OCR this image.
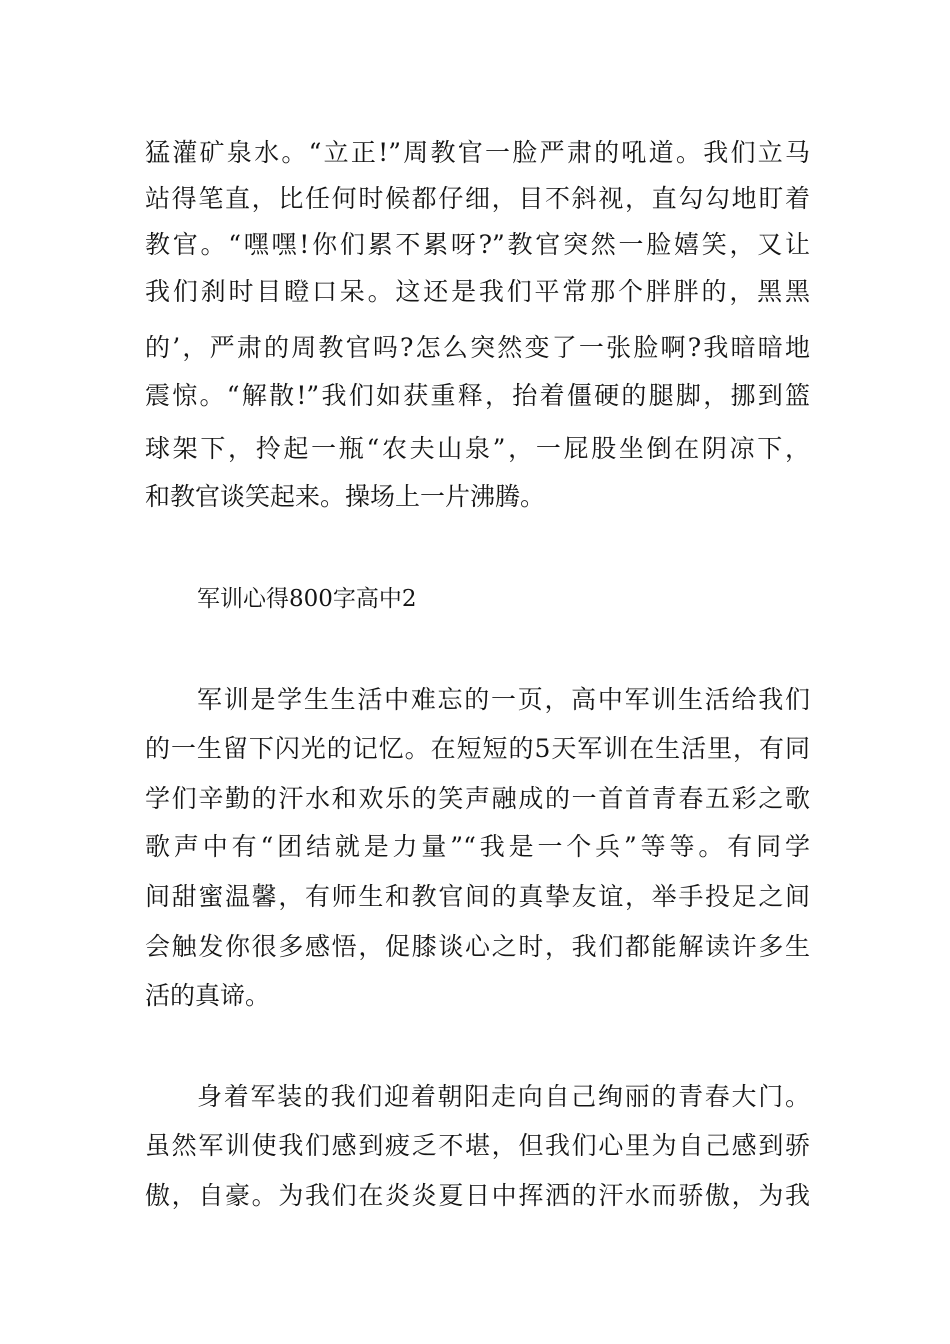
猛灌矿泉水。“立正!”周教官一脸严肃的吼道。我们立马
站得笔直，比任何时候都仔细，目不斜视，直勾勾地盯着
教官。“嘿嘿!你们累不累呀?”教官突然一脸嬉笑，又让
我们刹时目瞪口呆。这还是我们平常那个胖胖的，黑黑
的’，严肃的周教官吗?怎么突然变了一张脸啊?我暗暗地
震惊。“解散!”我们如获重释，抬着僵硬的腿脚，挪到篮
球架下，拎起一瓶“农夫山泉”，一屁股坐倒在阴凉下，
和教官谈笑起来。操场上一片沸腾。
军训心得800字高中2
军训是学生生活中难忘的一页，高中军训生活给我们
的一生留下闪光的记忆。在短短的5天军训在生活里，有同
学们辛勤的汗水和欢乐的笑声融成的一首首青春五彩之歌
歌声中有“团结就是力量”“我是一个兵”等等。有同学
间甜蜜温馨，有师生和教官间的真挚友谊，举手投足之间
会触发你很多感悟，促膝谈心之时，我们都能解读许多生
活的真谛。
身着军装的我们迎着朝阳走向自己绚丽的青春大门。
虽然军训使我们感到疲乏不堪，但我们心里为自己感到骄
傲，自豪。为我们在炎炎夏日中挥洒的汗水而骄傲，为我
